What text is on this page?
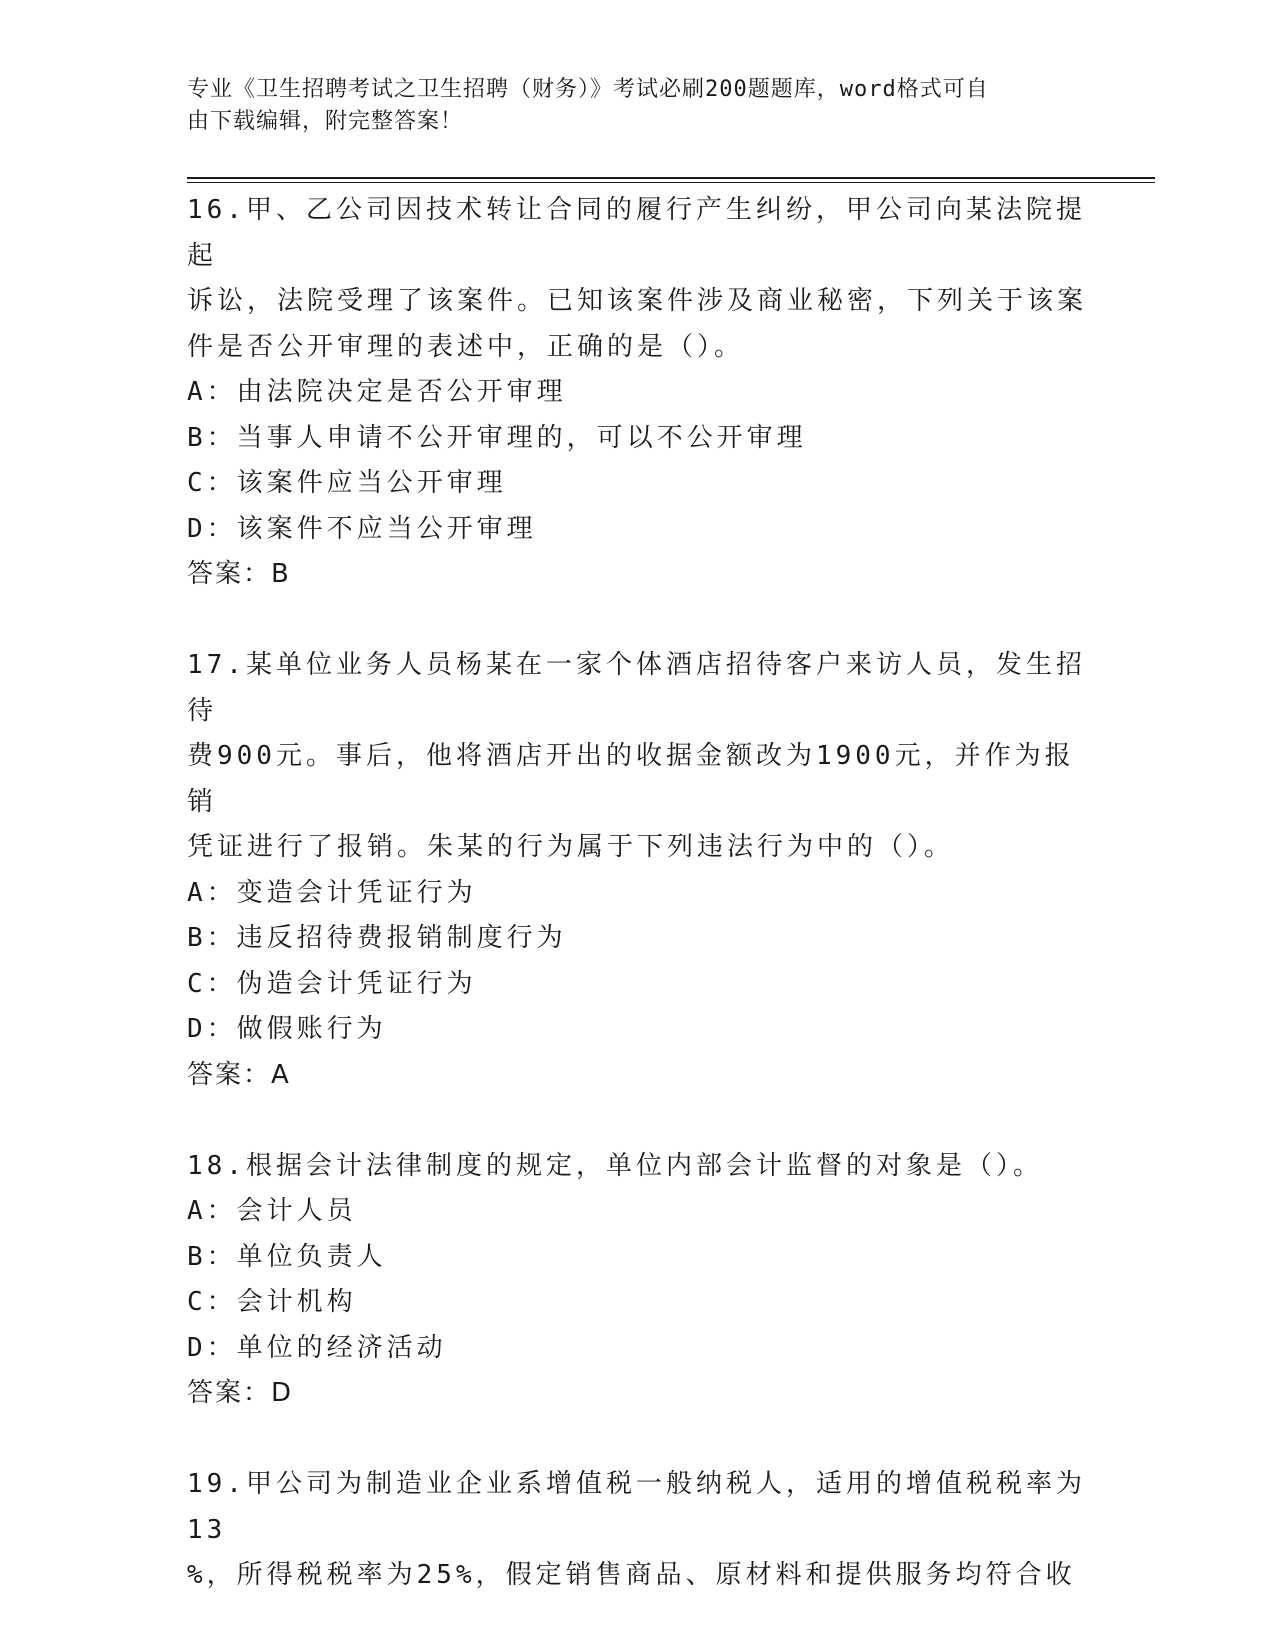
专业《卫生招聘考试之卫生招聘（财务）》考试必刷200题题库，word格式可自
由下载编辑，附完整答案！
16.甲、乙公司因技术转让合同的履行产生纠纷，甲公司向某法院提起
诉讼，法院受理了该案件。已知该案件涉及商业秘密，下列关于该案
件是否公开审理的表述中，正确的是（）。
A：由法院决定是否公开审理
B：当事人申请不公开审理的，可以不公开审理
C：该案件应当公开审理
D：该案件不应当公开审理
答案：B
17.某单位业务人员杨某在一家个体酒店招待客户来访人员，发生招待
费900元。事后，他将酒店开出的收据金额改为1900元，并作为报销
凭证进行了报销。朱某的行为属于下列违法行为中的（）。
A：变造会计凭证行为
B：违反招待费报销制度行为
C：伪造会计凭证行为
D：做假账行为
答案：A
18.根据会计法律制度的规定，单位内部会计监督的对象是（）。
A：会计人员
B：单位负责人
C：会计机构
D：单位的经济活动
答案：D
19.甲公司为制造业企业系增值税一般纳税人，适用的增值税税率为13
%，所得税税率为25%，假定销售商品、原材料和提供服务均符合收
